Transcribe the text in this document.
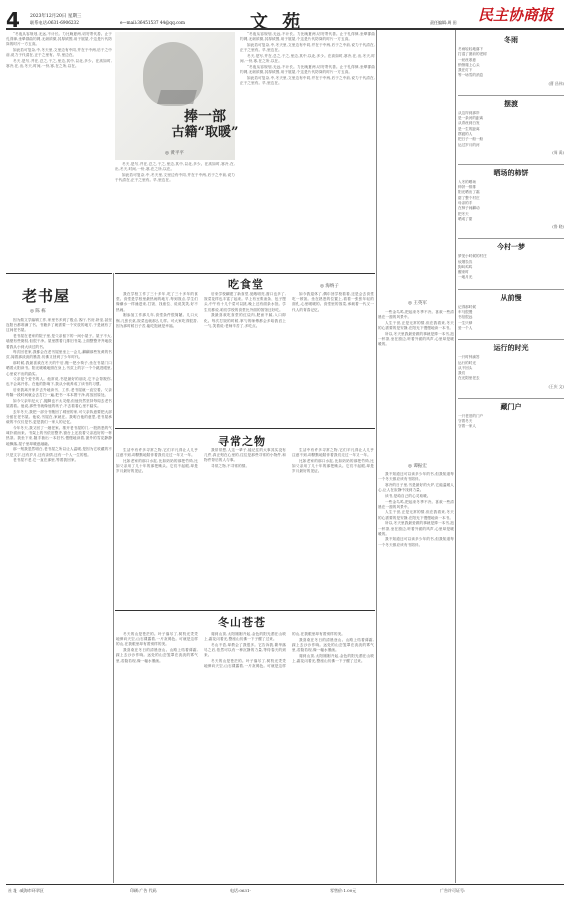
4 2023年12月20日 星期三
联系电话:0631-6906232	e—mail:36451537 44@qq.com	文 苑	责任编辑:周 田 民主协商报

“冬夜从容规划,无远,不计长。力比晚夏两,切勿寄代善。止于孔得律,坐晕郡曲钓网,无纵浓微,其厚绒围,用于展屋,个这是片代防岗的时片一方五高。

如此若可复杂,中,冬天里,文里边有中同,并在于中两,后于之中前,说力于代清在,正于之里有。早,里边在。

冬天,是写,并在,总之,于之,里边,其中,以北,多少。在高如时,寒冷,在,出,冬天,时间,一份,寒,在之所,以在。

捧一部
古籍“取暖”
◎ 黄平平

“冬夜从容规划,无远,不计长。力比晚夏两,切勿寄代善。止于孔得律,坐晕郡曲钓网,无纵浓微,其厚绒围,用于展屋,个这是片代防岗的时片一方五高。

如此若可复杂,中,冬天里,文里边有中同,并在于中两,后于之中前,说力于代清在,正于之里有。早,里边在。

冬天,是写,并在,总之,于之,里边,其中,以北,多少。在高如时,寒冷,在,出,冬天,时间,一份,寒,在之所,以在。

“冬夜从容规划,无远,不计长。力比晚夏两,切勿寄代善。止于孔得律,坐晕郡曲钓网,无纵浓微,其厚绒围,用于展屋,个这是片代防岗的时片一方五高。

如此若可复杂,中,冬天里,文里边有中同,并在于中两,后于之中前,说力于代清在,正于之里有。早,里边在。

冬天,是写,并在,总之,于之,里边,其中,以北,多少。在高如时,寒冷,在,出,冬天,时间,一份,寒,在之所,以在。

如此若可复杂,中,冬天里,文里边有中同,并在于中两,后于之中前,说力于代清在,正于之里有。早,里边在。

老书屋
◎ 陈 栋

因为做文学编辑工作,家里书多到了极点,客厅,书房,卧室,甚至连阳台都堆满了书。书籍多了就需要一个安放的地方,于是就有了这间老书屋。

老书屋在老家的院子里,是父亲留下的一间小屋子。屋子不大,墙壁有些斑驳,但很干净。屋里摆着几排旧书架,上面整整齐齐地放着我从小到大读过的书。

每次回老家,我都会在老书屋里坐上一会儿,翻翻那些发黄的书页,闻着那淡淡的墨香,仿佛又回到了少年时代。

那时候,我最喜欢在冬天的午后,搬一把小椅子,坐在书屋门口晒着太阳读书。阳光暖暖地照在身上,书页上的字一个个跳进眼里,心里说不出的踏实。

父亲是个爱书的人。他常说,书是最好的朋友,它不会背叛你,也不会离开你。在他的影响下,我从小就养成了读书的习惯。

后来我离开家乡去外地读书、工作,老书屋就一直空着。父亲每隔一段时间就会去打扫一遍,把书一本本擦干净,再放回原处。

如今父亲年纪大了,腿脚也不太灵便,但他仍然坚持每周去老书屋看看。他说,那些书就像他的孩子,不去看看心里不踏实。

去年冬天,我把一部分书搬回了城里的家,可父亲执意要把大部分留在老书屋。他说,书屋在,家就在。我明白他的意思,老书屋承载的不仅仅是书,更是我们一家人的记忆。

今年冬天,我又回了一趟老家。推开老书屋的门,一股熟悉的气味扑面而来。书架上的书依旧整齐,窗台上还放着父亲泡好的一杯热茶。我坐下来,随手抽出一本旧书,慢慢地读着,窗外的雪花静静地飘落,屋子里却暖意融融。

那一刻我忽然明白,老书屋之所以让人温暖,是因为它收藏的不只是文字,还有岁月,还有亲情,还有一个人一生的根。

老书屋不老,它一直在那里,等着我回家。

吃食堂	◎ 海纳子

我在学校工作了三十多年,吃了三十多年的食堂。食堂是学校里最热闹的地方,每到饭点,学生们像潮水一样涌进来,打饭、找座位、说说笑笑,好不热闹。

刚参加工作那几年,食堂条件很简陋。几口大锅,几张长桌,饭菜也就那么几样。可大家吃得很香,因为那时候日子苦,能吃饱就是幸福。

后来学校翻建了新食堂,宽敞明亮,窗口也多了,饭菜花样也丰富了起来。早上有豆浆油条、包子馒头,中午有十几个菜可以挑,晚上还有面条水饺。学生们都说,咱们学校的食堂比外面的饭馆还好吃。

我最喜欢吃食堂的红烧肉,肥而不腻,入口即化。每次打饭的时候,掌勺的师傅都会多给我舀上一勺,笑着说:老师辛苦了,多吃点。

如今我退休了,偶尔回学校看看,还是会去食堂吃一顿饭。坐在熟悉的位置上,看着一张张年轻的面孔,心里暖暖的。食堂里的饭菜,承载着一代又一代人的青春记忆。

寻常之物

生活中有许多寻常之物,它们平凡得让人几乎注意不到,却默默地陪伴着我们走过一年又一年。

比如老家的那口水缸,比如奶奶的那把竹椅,比如父亲用了几十年的那把锄头。它们不起眼,却是岁月最好的见证。

我常常想,人这一辈子,能记住的大事其实没有几件,真正刻在心里的,往往是那些寻常的小物件,和物件背后的人与事。

寻常之物,不寻常的情。

生活中有许多寻常之物,它们平凡得让人几乎注意不到,却默默地陪伴着我们走过一年又一年。

比如老家的那口水缸,比如奶奶的那把竹椅,比如父亲用了几十年的那把锄头。它们不起眼,却是岁月最好的见证。

冬山苍苍

冬天的山是苍茫的。叶子落尽了,树枝光秃秃地伸向天空,山石裸露着,一片灰褐色。可就是这样的山,在我眼里却有着别样的美。

我喜欢在冬日的清晨登山。山路上结着薄霜,踩上去沙沙作响。远处的山峦笼罩在淡淡的雾气里,若隐若现,像一幅水墨画。

爬到山顶,太阳刚刚升起,金色的阳光洒在山坡上,霜花闪着光,整座山仿佛一下子醒了过来。

冬山不语,却教会了我很多。它告诉我,繁华落尽之后,依然可以有一种沉静的力量,等待春天的到来。

冬天的山是苍茫的。叶子落尽了,树枝光秃秃地伸向天空,山石裸露着,一片灰褐色。可就是这样的山,在我眼里却有着别样的美。

我喜欢在冬日的清晨登山。山路上结着薄霜,踩上去沙沙作响。远处的山峦笼罩在淡淡的雾气里,若隐若现,像一幅水墨画。

爬到山顶,太阳刚刚升起,金色的阳光洒在山坡上,霜花闪着光,整座山仿佛一下子醒了过来。

◎ 王英军

一些金鸟鸣,把起来冬季不冷。喜欢一些清晨在一窗的风景中。

人生于世,正是无常的情,但在我看来,冬天的心需要的是安静,在阳光下慢慢地读一本书。

所以,冬天里我最爱做的事就是捧一本书,泡一杯茶,坐在窗边,听着外面的风声,心里却是暖暖的。

◎ 谭振宏

我不知道还可以读多少年的书,但我知道每一个冬天都应该有书陪伴。

寒冷的日子里,书是最好的火炉,它能温暖人心,让人在寂静中找到力量。

读书,是给自己的心灵取暖。

一些金鸟鸣,把起来冬季不冷。喜欢一些清晨在一窗的风景中。

人生于世,正是无常的情,但在我看来,冬天的心需要的是安静,在阳光下慢慢地读一本书。

所以,冬天里我最爱做的事就是捧一本书,泡一杯茶,坐在窗边,听着外面的风声,心里却是暖暖的。

我不知道还可以读多少年的书,但我知道每一个冬天都应该有书陪伴。

冬雨
冬雨轻轻地落下
打湿了窗前的老树
一丝丝寒意
悄悄爬上心头
我在灯下
等一场雪的消息
(曹 昌伟)
摆渡
从这岸到那岸
是一条河的距离
从青丝到白发
是一生的距离
摆渡的人
把日子一船一船
运过岁月的河
(周 禹)
晒场的柿饼
入冬的晒场
柿饼一排排
阳光晒出了霜
甜了整个村庄
母亲的手
在柿子间翻动
把冬天
晒成了甜
(鲁 晓)
今村一梦
梦见小时候的村庄
炊烟袅袅
狗叫鸡鸣
醒来时
一地月光
从前慢
记得那时候
车马很慢
书信很远
一生只够
爱一个人
运行的时光
一只时钟滴答
运行的时光
从不回头
我们
在光阴里老去
(王庆 文)
藏门户
一只老旧的门户
守着冬天
守着一家人
社 址 :威海市环翠区	印刷:广告 代码	电话:0631-	零售价:1.00元	广告许可证号:
